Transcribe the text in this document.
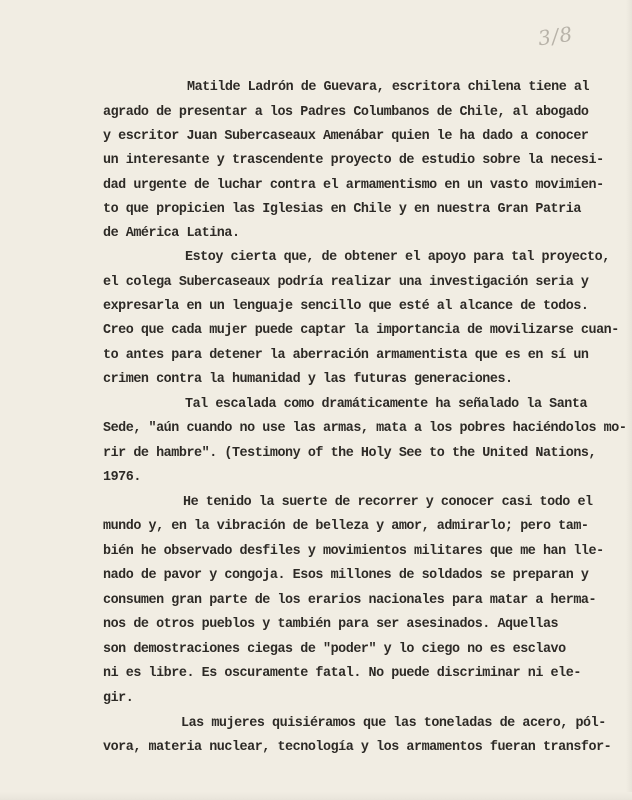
3/8
Matilde Ladrón de Guevara, escritora chilena tiene al
agrado de presentar a los Padres Columbanos de Chile, al abogado
y escritor Juan Subercaseaux Amenábar quien le ha dado a conocer
un interesante y trascendente proyecto de estudio sobre la necesi-
dad urgente de luchar contra el armamentismo en un vasto movimien-
to que propicien las Iglesias en Chile y en nuestra Gran Patria
de América Latina.
Estoy cierta que, de obtener el apoyo para tal proyecto,
el colega Subercaseaux podría realizar una investigación seria y
expresarla en un lenguaje sencillo que esté al alcance de todos.
Creo que cada mujer puede captar la importancia de movilizarse cuan-
to antes para detener la aberración armamentista que es en sí un
crimen contra la humanidad y las futuras generaciones.
Tal escalada como dramáticamente ha señalado la Santa
Sede, "aún cuando no use las armas, mata a los pobres haciéndolos mo-
rir de hambre". (Testimony of the Holy See to the United Nations,
1976.
He tenido la suerte de recorrer y conocer casi todo el
mundo y, en la vibración de belleza y amor, admirarlo; pero tam-
bién he observado desfiles y movimientos militares que me han lle-
nado de pavor y congoja. Esos millones de soldados se preparan y
consumen gran parte de los erarios nacionales para matar a herma-
nos de otros pueblos y también para ser asesinados. Aquellas
son demostraciones ciegas de "poder" y lo ciego no es esclavo
ni es libre. Es oscuramente fatal. No puede discriminar ni ele-
gir.
Las mujeres quisiéramos que las toneladas de acero, pól-
vora, materia nuclear, tecnología y los armamentos fueran transfor-
